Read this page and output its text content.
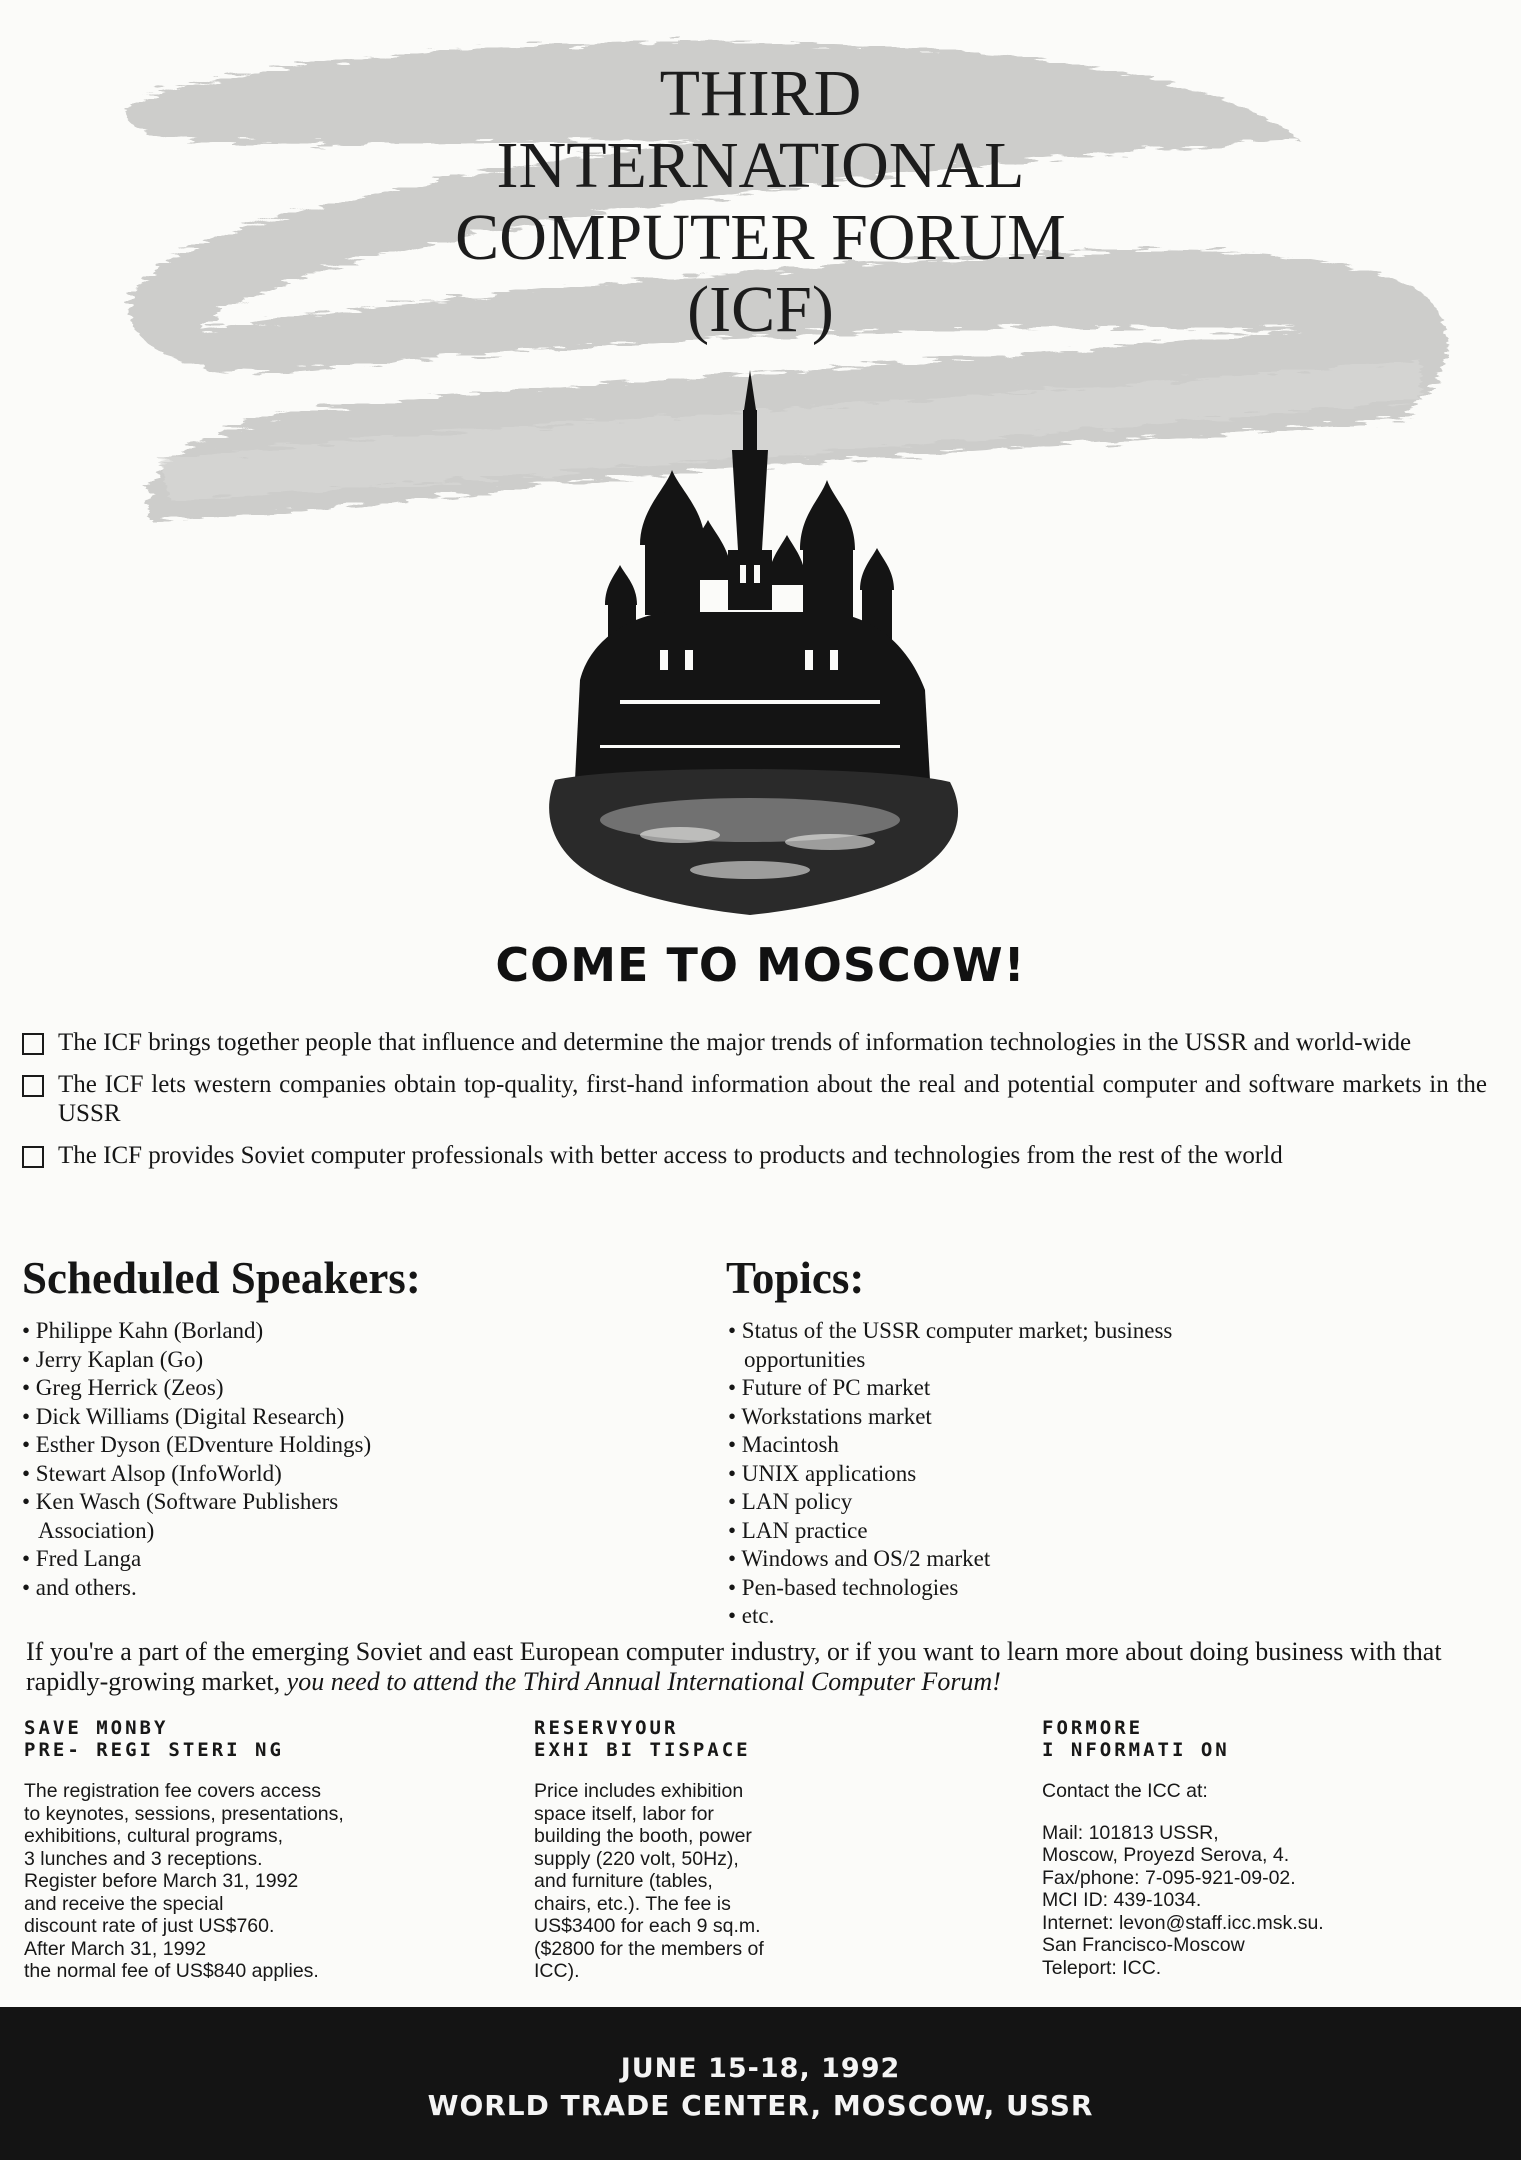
THIRD
INTERNATIONAL
COMPUTER FORUM
(ICF)
COME TO MOSCOW!
The ICF brings together people that influence and determine the major trends of information technologies in the USSR and world-wide
The ICF lets western companies obtain top-quality, first-hand information about the real and potential computer and software markets in the USSR
The ICF provides Soviet computer professionals with better access to products and technologies from the rest of the world
Scheduled Speakers:	Topics:
• Philippe Kahn (Borland)
• Jerry Kaplan (Go)
• Greg Herrick (Zeos)
• Dick Williams (Digital Research)
• Esther Dyson (EDventure Holdings)
• Stewart Alsop (InfoWorld)
• Ken Wasch (Software Publishers Association)
• Fred Langa
• and others.
• Status of the USSR computer market; business opportunities
• Future of PC market
• Workstations market
• Macintosh
• UNIX applications
• LAN policy
• LAN practice
• Windows and OS/2 market
• Pen-based technologies
• etc.
If you're a part of the emerging Soviet and east European computer industry, or if you want to learn more about doing business with that rapidly-growing market, you need to attend the Third Annual International Computer Forum!
SAVE MONBY
PRE- REGI STERI NG
The registration fee covers access
to keynotes, sessions, presentations,
exhibitions, cultural programs,
3 lunches and 3 receptions.
Register before March 31, 1992
and receive the special
discount rate of just US$760.
After March 31, 1992
the normal fee of US$840 applies.
RESERVYOUR
EXHI BI TISPACE
Price includes exhibition
space itself, labor for
building the booth, power
supply (220 volt, 50Hz),
and furniture (tables,
chairs, etc.). The fee is
US$3400 for each 9 sq.m.
($2800 for the members of
ICC).
FORMORE
I NFORMATI ON
Contact the ICC at:
Mail: 101813 USSR,
Moscow, Proyezd Serova, 4.
Fax/phone: 7-095-921-09-02.
MCI ID: 439-1034.
Internet: levon@staff.icc.msk.su.
San Francisco-Moscow
Teleport: ICC.
JUNE 15-18, 1992
WORLD TRADE CENTER, MOSCOW, USSR
